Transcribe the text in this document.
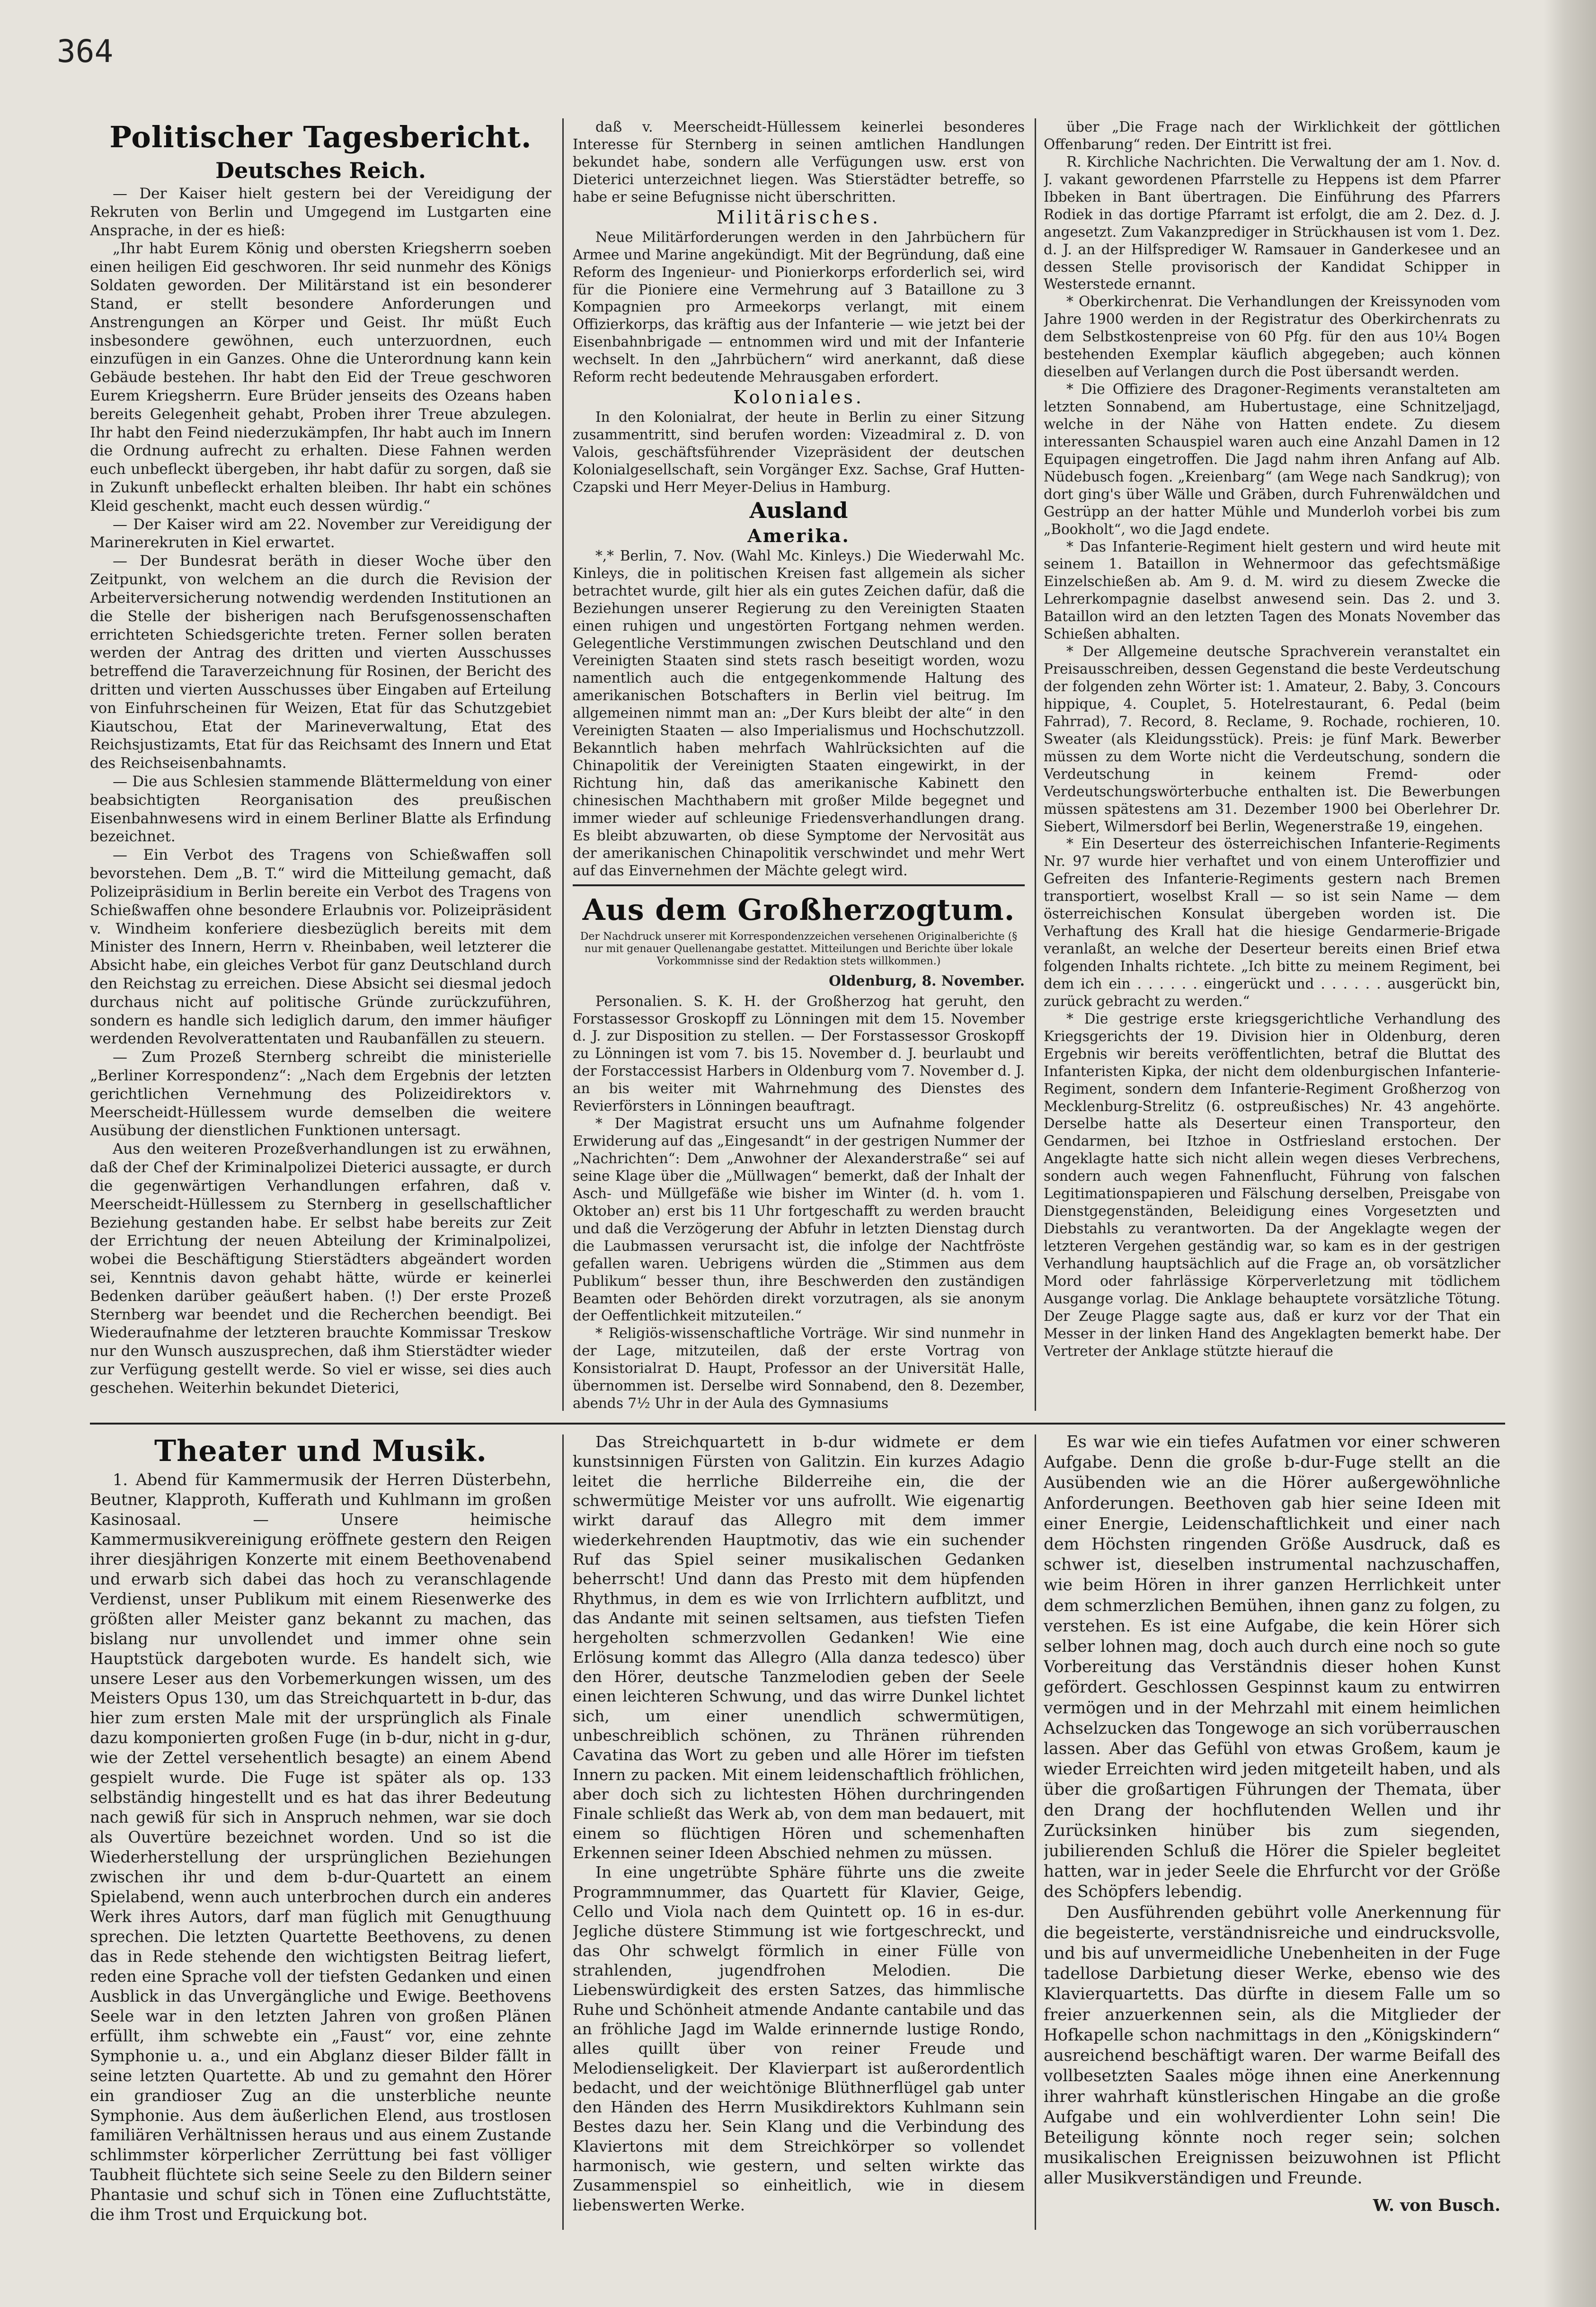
364
Politischer Tagesbericht.
Deutsches Reich.

— Der Kaiser hielt gestern bei der Vereidigung der Rekruten von Berlin und Umgegend im Lustgarten eine Ansprache, in der es hieß:

„Ihr habt Eurem König und obersten Kriegsherrn soeben einen heiligen Eid geschworen. Ihr seid nunmehr des Königs Soldaten geworden. Der Militärstand ist ein besonderer Stand, er stellt besondere Anforderungen und Anstrengungen an Körper und Geist. Ihr müßt Euch insbesondere gewöhnen, euch unterzuordnen, euch einzufügen in ein Ganzes. Ohne die Unterordnung kann kein Gebäude bestehen. Ihr habt den Eid der Treue geschworen Eurem Kriegsherrn. Eure Brüder jenseits des Ozeans haben bereits Gelegenheit gehabt, Proben ihrer Treue abzulegen. Ihr habt den Feind niederzukämpfen, Ihr habt auch im Innern die Ordnung aufrecht zu erhalten. Diese Fahnen werden euch unbefleckt übergeben, ihr habt dafür zu sorgen, daß sie in Zukunft unbefleckt erhalten bleiben. Ihr habt ein schönes Kleid geschenkt, macht euch dessen würdig.“

— Der Kaiser wird am 22. November zur Vereidigung der Marinerekruten in Kiel erwartet.

— Der Bundesrat beräth in dieser Woche über den Zeitpunkt, von welchem an die durch die Revision der Arbeiterversicherung notwendig werdenden Institutionen an die Stelle der bisherigen nach Berufsgenossenschaften errichteten Schiedsgerichte treten. Ferner sollen beraten werden der Antrag des dritten und vierten Ausschusses betreffend die Taraverzeichnung für Rosinen, der Bericht des dritten und vierten Ausschusses über Eingaben auf Erteilung von Einfuhrscheinen für Weizen, Etat für das Schutzgebiet Kiautschou, Etat der Marineverwaltung, Etat des Reichsjustizamts, Etat für das Reichsamt des Innern und Etat des Reichseisenbahnamts.

— Die aus Schlesien stammende Blättermeldung von einer beabsichtigten Reorganisation des preußischen Eisenbahnwesens wird in einem Berliner Blatte als Erfindung bezeichnet.

— Ein Verbot des Tragens von Schießwaffen soll bevorstehen. Dem „B. T.“ wird die Mitteilung gemacht, daß Polizeipräsidium in Berlin bereite ein Verbot des Tragens von Schießwaffen ohne besondere Erlaubnis vor. Polizeipräsident v. Windheim konferiere diesbezüglich bereits mit dem Minister des Innern, Herrn v. Rheinbaben, weil letzterer die Absicht habe, ein gleiches Verbot für ganz Deutschland durch den Reichstag zu erreichen. Diese Absicht sei diesmal jedoch durchaus nicht auf politische Gründe zurückzuführen, sondern es handle sich lediglich darum, den immer häufiger werdenden Revolverattentaten und Raubanfällen zu steuern.

— Zum Prozeß Sternberg schreibt die ministerielle „Berliner Korrespondenz“: „Nach dem Ergebnis der letzten gerichtlichen Vernehmung des Polizeidirektors v. Meerscheidt-Hüllessem wurde demselben die weitere Ausübung der dienstlichen Funktionen untersagt.

Aus den weiteren Prozeßverhandlungen ist zu erwähnen, daß der Chef der Kriminalpolizei Dieterici aussagte, er durch die gegenwärtigen Verhandlungen erfahren, daß v. Meerscheidt-Hüllessem zu Sternberg in gesellschaftlicher Beziehung gestanden habe. Er selbst habe bereits zur Zeit der Errichtung der neuen Abteilung der Kriminalpolizei, wobei die Beschäftigung Stierstädters abgeändert worden sei, Kenntnis davon gehabt hätte, würde er keinerlei Bedenken darüber geäußert haben. (!) Der erste Prozeß Sternberg war beendet und die Recherchen beendigt. Bei Wiederaufnahme der letzteren brauchte Kommissar Treskow nur den Wunsch auszusprechen, daß ihm Stierstädter wieder zur Verfügung gestellt werde. So viel er wisse, sei dies auch geschehen. Weiterhin bekundet Dieterici,

daß v. Meerscheidt-Hüllessem keinerlei besonderes Interesse für Sternberg in seinen amtlichen Handlungen bekundet habe, sondern alle Verfügungen usw. erst von Dieterici unterzeichnet liegen. Was Stierstädter betreffe, so habe er seine Befugnisse nicht überschritten.

Militärisches.

Neue Militärforderungen werden in den Jahrbüchern für Armee und Marine angekündigt. Mit der Begründung, daß eine Reform des Ingenieur- und Pionierkorps erforderlich sei, wird für die Pioniere eine Vermehrung auf 3 Bataillone zu 3 Kompagnien pro Armeekorps verlangt, mit einem Offizierkorps, das kräftig aus der Infanterie — wie jetzt bei der Eisenbahnbrigade — entnommen wird und mit der Infanterie wechselt. In den „Jahrbüchern“ wird anerkannt, daß diese Reform recht bedeutende Mehrausgaben erfordert.

Koloniales.

In den Kolonialrat, der heute in Berlin zu einer Sitzung zusammentritt, sind berufen worden: Vizeadmiral z. D. von Valois, geschäftsführender Vizepräsident der deutschen Kolonialgesellschaft, sein Vorgänger Exz. Sachse, Graf Hutten-Czapski und Herr Meyer-Delius in Hamburg.

Ausland
Amerika.

*,* Berlin, 7. Nov. (Wahl Mc. Kinleys.) Die Wiederwahl Mc. Kinleys, die in politischen Kreisen fast allgemein als sicher betrachtet wurde, gilt hier als ein gutes Zeichen dafür, daß die Beziehungen unserer Regierung zu den Vereinigten Staaten einen ruhigen und ungestörten Fortgang nehmen werden. Gelegentliche Verstimmungen zwischen Deutschland und den Vereinigten Staaten sind stets rasch beseitigt worden, wozu namentlich auch die entgegenkommende Haltung des amerikanischen Botschafters in Berlin viel beitrug. Im allgemeinen nimmt man an: „Der Kurs bleibt der alte“ in den Vereinigten Staaten — also Imperialismus und Hochschutzzoll. Bekanntlich haben mehrfach Wahlrücksichten auf die Chinapolitik der Vereinigten Staaten eingewirkt, in der Richtung hin, daß das amerikanische Kabinett den chinesischen Machthabern mit großer Milde begegnet und immer wieder auf schleunige Friedensverhandlungen drang. Es bleibt abzuwarten, ob diese Symptome der Nervosität aus der amerikanischen Chinapolitik verschwindet und mehr Wert auf das Einvernehmen der Mächte gelegt wird.

Aus dem Großherzogtum.
Der Nachdruck unserer mit Korrespondenzzeichen versehenen Originalberichte (§ nur mit genauer Quellenangabe gestattet. Mitteilungen und Berichte über lokale Vorkommnisse sind der Redaktion stets willkommen.)
Oldenburg, 8. November.

Personalien. S. K. H. der Großherzog hat geruht, den Forstassessor Groskopff zu Lönningen mit dem 15. November d. J. zur Disposition zu stellen. — Der Forstassessor Groskopff zu Lönningen ist vom 7. bis 15. November d. J. beurlaubt und der Forstaccessist Harbers in Oldenburg vom 7. November d. J. an bis weiter mit Wahrnehmung des Dienstes des Revierförsters in Lönningen beauftragt.

* Der Magistrat ersucht uns um Aufnahme folgender Erwiderung auf das „Eingesandt“ in der gestrigen Nummer der „Nachrichten“: Dem „Anwohner der Alexanderstraße“ sei auf seine Klage über die „Müllwagen“ bemerkt, daß der Inhalt der Asch- und Müllgefäße wie bisher im Winter (d. h. vom 1. Oktober an) erst bis 11 Uhr fortgeschafft zu werden braucht und daß die Verzögerung der Abfuhr in letzten Dienstag durch die Laubmassen verursacht ist, die infolge der Nachtfröste gefallen waren. Uebrigens würden die „Stimmen aus dem Publikum“ besser thun, ihre Beschwerden den zuständigen Beamten oder Behörden direkt vorzutragen, als sie anonym der Oeffentlichkeit mitzuteilen.“

* Religiös-wissenschaftliche Vorträge. Wir sind nunmehr in der Lage, mitzuteilen, daß der erste Vortrag von Konsistorialrat D. Haupt, Professor an der Universität Halle, übernommen ist. Derselbe wird Sonnabend, den 8. Dezember, abends 7½ Uhr in der Aula des Gymnasiums

über „Die Frage nach der Wirklichkeit der göttlichen Offenbarung“ reden. Der Eintritt ist frei.

R. Kirchliche Nachrichten. Die Verwaltung der am 1. Nov. d. J. vakant gewordenen Pfarrstelle zu Heppens ist dem Pfarrer Ibbeken in Bant übertragen. Die Einführung des Pfarrers Rodiek in das dortige Pfarramt ist erfolgt, die am 2. Dez. d. J. angesetzt. Zum Vakanzprediger in Strückhausen ist vom 1. Dez. d. J. an der Hilfsprediger W. Ramsauer in Ganderkesee und an dessen Stelle provisorisch der Kandidat Schipper in Westerstede ernannt.

* Oberkirchenrat. Die Verhandlungen der Kreissynoden vom Jahre 1900 werden in der Registratur des Oberkirchenrats zu dem Selbstkostenpreise von 60 Pfg. für den aus 10¼ Bogen bestehenden Exemplar käuflich abgegeben; auch können dieselben auf Verlangen durch die Post übersandt werden.

* Die Offiziere des Dragoner-Regiments veranstalteten am letzten Sonnabend, am Hubertustage, eine Schnitzeljagd, welche in der Nähe von Hatten endete. Zu diesem interessanten Schauspiel waren auch eine Anzahl Damen in 12 Equipagen eingetroffen. Die Jagd nahm ihren Anfang auf Alb. Nüdebusch fogen. „Kreienbarg“ (am Wege nach Sandkrug); von dort ging's über Wälle und Gräben, durch Fuhrenwäldchen und Gestrüpp an der hatter Mühle und Munderloh vorbei bis zum „Bookholt“, wo die Jagd endete.

* Das Infanterie-Regiment hielt gestern und wird heute mit seinem 1. Bataillon in Wehnermoor das gefechtsmäßige Einzelschießen ab. Am 9. d. M. wird zu diesem Zwecke die Lehrerkompagnie daselbst anwesend sein. Das 2. und 3. Bataillon wird an den letzten Tagen des Monats November das Schießen abhalten.

* Der Allgemeine deutsche Sprachverein veranstaltet ein Preisausschreiben, dessen Gegenstand die beste Verdeutschung der folgenden zehn Wörter ist: 1. Amateur, 2. Baby, 3. Concours hippique, 4. Couplet, 5. Hotelrestaurant, 6. Pedal (beim Fahrrad), 7. Record, 8. Reclame, 9. Rochade, rochieren, 10. Sweater (als Kleidungsstück). Preis: je fünf Mark. Bewerber müssen zu dem Worte nicht die Verdeutschung, sondern die Verdeutschung in keinem Fremd- oder Verdeutschungswörterbuche enthalten ist. Die Bewerbungen müssen spätestens am 31. Dezember 1900 bei Oberlehrer Dr. Siebert, Wilmersdorf bei Berlin, Wegenerstraße 19, eingehen.

* Ein Deserteur des österreichischen Infanterie-Regiments Nr. 97 wurde hier verhaftet und von einem Unteroffizier und Gefreiten des Infanterie-Regiments gestern nach Bremen transportiert, woselbst Krall — so ist sein Name — dem österreichischen Konsulat übergeben worden ist. Die Verhaftung des Krall hat die hiesige Gendarmerie-Brigade veranlaßt, an welche der Deserteur bereits einen Brief etwa folgenden Inhalts richtete. „Ich bitte zu meinem Regiment, bei dem ich ein . . . . . . eingerückt und . . . . . . ausgerückt bin, zurück gebracht zu werden.“

* Die gestrige erste kriegsgerichtliche Verhandlung des Kriegsgerichts der 19. Division hier in Oldenburg, deren Ergebnis wir bereits veröffentlichten, betraf die Bluttat des Infanteristen Kipka, der nicht dem oldenburgischen Infanterie-Regiment, sondern dem Infanterie-Regiment Großherzog von Mecklenburg-Strelitz (6. ostpreußisches) Nr. 43 angehörte. Derselbe hatte als Deserteur einen Transporteur, den Gendarmen, bei Itzhoe in Ostfriesland erstochen. Der Angeklagte hatte sich nicht allein wegen dieses Verbrechens, sondern auch wegen Fahnenflucht, Führung von falschen Legitimationspapieren und Fälschung derselben, Preisgabe von Dienstgegenständen, Beleidigung eines Vorgesetzten und Diebstahls zu verantworten. Da der Angeklagte wegen der letzteren Vergehen geständig war, so kam es in der gestrigen Verhandlung hauptsächlich auf die Frage an, ob vorsätzlicher Mord oder fahrlässige Körperverletzung mit tödlichem Ausgange vorlag. Die Anklage behauptete vorsätzliche Tötung. Der Zeuge Plagge sagte aus, daß er kurz vor der That ein Messer in der linken Hand des Angeklagten bemerkt habe. Der Vertreter der Anklage stützte hierauf die

Theater und Musik.

1. Abend für Kammermusik der Herren Düsterbehn, Beutner, Klapproth, Kufferath und Kuhlmann im großen Kasinosaal. — Unsere heimische Kammermusikvereinigung eröffnete gestern den Reigen ihrer diesjährigen Konzerte mit einem Beethovenabend und erwarb sich dabei das hoch zu veranschlagende Verdienst, unser Publikum mit einem Riesenwerke des größten aller Meister ganz bekannt zu machen, das bislang nur unvollendet und immer ohne sein Hauptstück dargeboten wurde. Es handelt sich, wie unsere Leser aus den Vorbemerkungen wissen, um des Meisters Opus 130, um das Streichquartett in b-dur, das hier zum ersten Male mit der ursprünglich als Finale dazu komponierten großen Fuge (in b-dur, nicht in g-dur, wie der Zettel versehentlich besagte) an einem Abend gespielt wurde. Die Fuge ist später als op. 133 selbständig hingestellt und es hat das ihrer Bedeutung nach gewiß für sich in Anspruch nehmen, war sie doch als Ouvertüre bezeichnet worden. Und so ist die Wiederherstellung der ursprünglichen Beziehungen zwischen ihr und dem b-dur-Quartett an einem Spielabend, wenn auch unterbrochen durch ein anderes Werk ihres Autors, darf man füglich mit Genugthuung sprechen. Die letzten Quartette Beethovens, zu denen das in Rede stehende den wichtigsten Beitrag liefert, reden eine Sprache voll der tiefsten Gedanken und einen Ausblick in das Unvergängliche und Ewige. Beethovens Seele war in den letzten Jahren von großen Plänen erfüllt, ihm schwebte ein „Faust“ vor, eine zehnte Symphonie u. a., und ein Abglanz dieser Bilder fällt in seine letzten Quartette. Ab und zu gemahnt den Hörer ein grandioser Zug an die unsterbliche neunte Symphonie. Aus dem äußerlichen Elend, aus trostlosen familiären Verhältnissen heraus und aus einem Zustande schlimmster körperlicher Zerrüttung bei fast völliger Taubheit flüchtete sich seine Seele zu den Bildern seiner Phantasie und schuf sich in Tönen eine Zufluchtstätte, die ihm Trost und Erquickung bot.

Das Streichquartett in b-dur widmete er dem kunstsinnigen Fürsten von Galitzin. Ein kurzes Adagio leitet die herrliche Bilderreihe ein, die der schwermütige Meister vor uns aufrollt. Wie eigenartig wirkt darauf das Allegro mit dem immer wiederkehrenden Hauptmotiv, das wie ein suchender Ruf das Spiel seiner musikalischen Gedanken beherrscht! Und dann das Presto mit dem hüpfenden Rhythmus, in dem es wie von Irrlichtern aufblitzt, und das Andante mit seinen seltsamen, aus tiefsten Tiefen hergeholten schmerzvollen Gedanken! Wie eine Erlösung kommt das Allegro (Alla danza tedesco) über den Hörer, deutsche Tanzmelodien geben der Seele einen leichteren Schwung, und das wirre Dunkel lichtet sich, um einer unendlich schwermütigen, unbeschreiblich schönen, zu Thränen rührenden Cavatina das Wort zu geben und alle Hörer im tiefsten Innern zu packen. Mit einem leidenschaftlich fröhlichen, aber doch sich zu lichtesten Höhen durchringenden Finale schließt das Werk ab, von dem man bedauert, mit einem so flüchtigen Hören und schemenhaften Erkennen seiner Ideen Abschied nehmen zu müssen.

In eine ungetrübte Sphäre führte uns die zweite Programmnummer, das Quartett für Klavier, Geige, Cello und Viola nach dem Quintett op. 16 in es-dur. Jegliche düstere Stimmung ist wie fortgeschreckt, und das Ohr schwelgt förmlich in einer Fülle von strahlenden, jugendfrohen Melodien. Die Liebenswürdigkeit des ersten Satzes, das himmlische Ruhe und Schönheit atmende Andante cantabile und das an fröhliche Jagd im Walde erinnernde lustige Rondo, alles quillt über von reiner Freude und Melodienseligkeit. Der Klavierpart ist außerordentlich bedacht, und der weichtönige Blüthnerflügel gab unter den Händen des Herrn Musikdirektors Kuhlmann sein Bestes dazu her. Sein Klang und die Verbindung des Klaviertons mit dem Streichkörper so vollendet harmonisch, wie gestern, und selten wirkte das Zusammenspiel so einheitlich, wie in diesem liebenswerten Werke.

Es war wie ein tiefes Aufatmen vor einer schweren Aufgabe. Denn die große b-dur-Fuge stellt an die Ausübenden wie an die Hörer außergewöhnliche Anforderungen. Beethoven gab hier seine Ideen mit einer Energie, Leidenschaftlichkeit und einer nach dem Höchsten ringenden Größe Ausdruck, daß es schwer ist, dieselben instrumental nachzuschaffen, wie beim Hören in ihrer ganzen Herrlichkeit unter dem schmerzlichen Bemühen, ihnen ganz zu folgen, zu verstehen. Es ist eine Aufgabe, die kein Hörer sich selber lohnen mag, doch auch durch eine noch so gute Vorbereitung das Verständnis dieser hohen Kunst gefördert. Geschlossen Gespinnst kaum zu entwirren vermögen und in der Mehrzahl mit einem heimlichen Achselzucken das Tongewoge an sich vorüberrauschen lassen. Aber das Gefühl von etwas Großem, kaum je wieder Erreichten wird jeden mitgeteilt haben, und als über die großartigen Führungen der Themata, über den Drang der hochflutenden Wellen und ihr Zurücksinken hinüber bis zum siegenden, jubilierenden Schluß die Hörer die Spieler begleitet hatten, war in jeder Seele die Ehrfurcht vor der Größe des Schöpfers lebendig.

Den Ausführenden gebührt volle Anerkennung für die begeisterte, verständnisreiche und eindrucksvolle, und bis auf unvermeidliche Unebenheiten in der Fuge tadellose Darbietung dieser Werke, ebenso wie des Klavierquartetts. Das dürfte in diesem Falle um so freier anzuerkennen sein, als die Mitglieder der Hofkapelle schon nachmittags in den „Königskindern“ ausreichend beschäftigt waren. Der warme Beifall des vollbesetzten Saales möge ihnen eine Anerkennung ihrer wahrhaft künstlerischen Hingabe an die große Aufgabe und ein wohlverdienter Lohn sein! Die Beteiligung könnte noch reger sein; solchen musikalischen Ereignissen beizuwohnen ist Pflicht aller Musikverständigen und Freunde.

W. von Busch.
